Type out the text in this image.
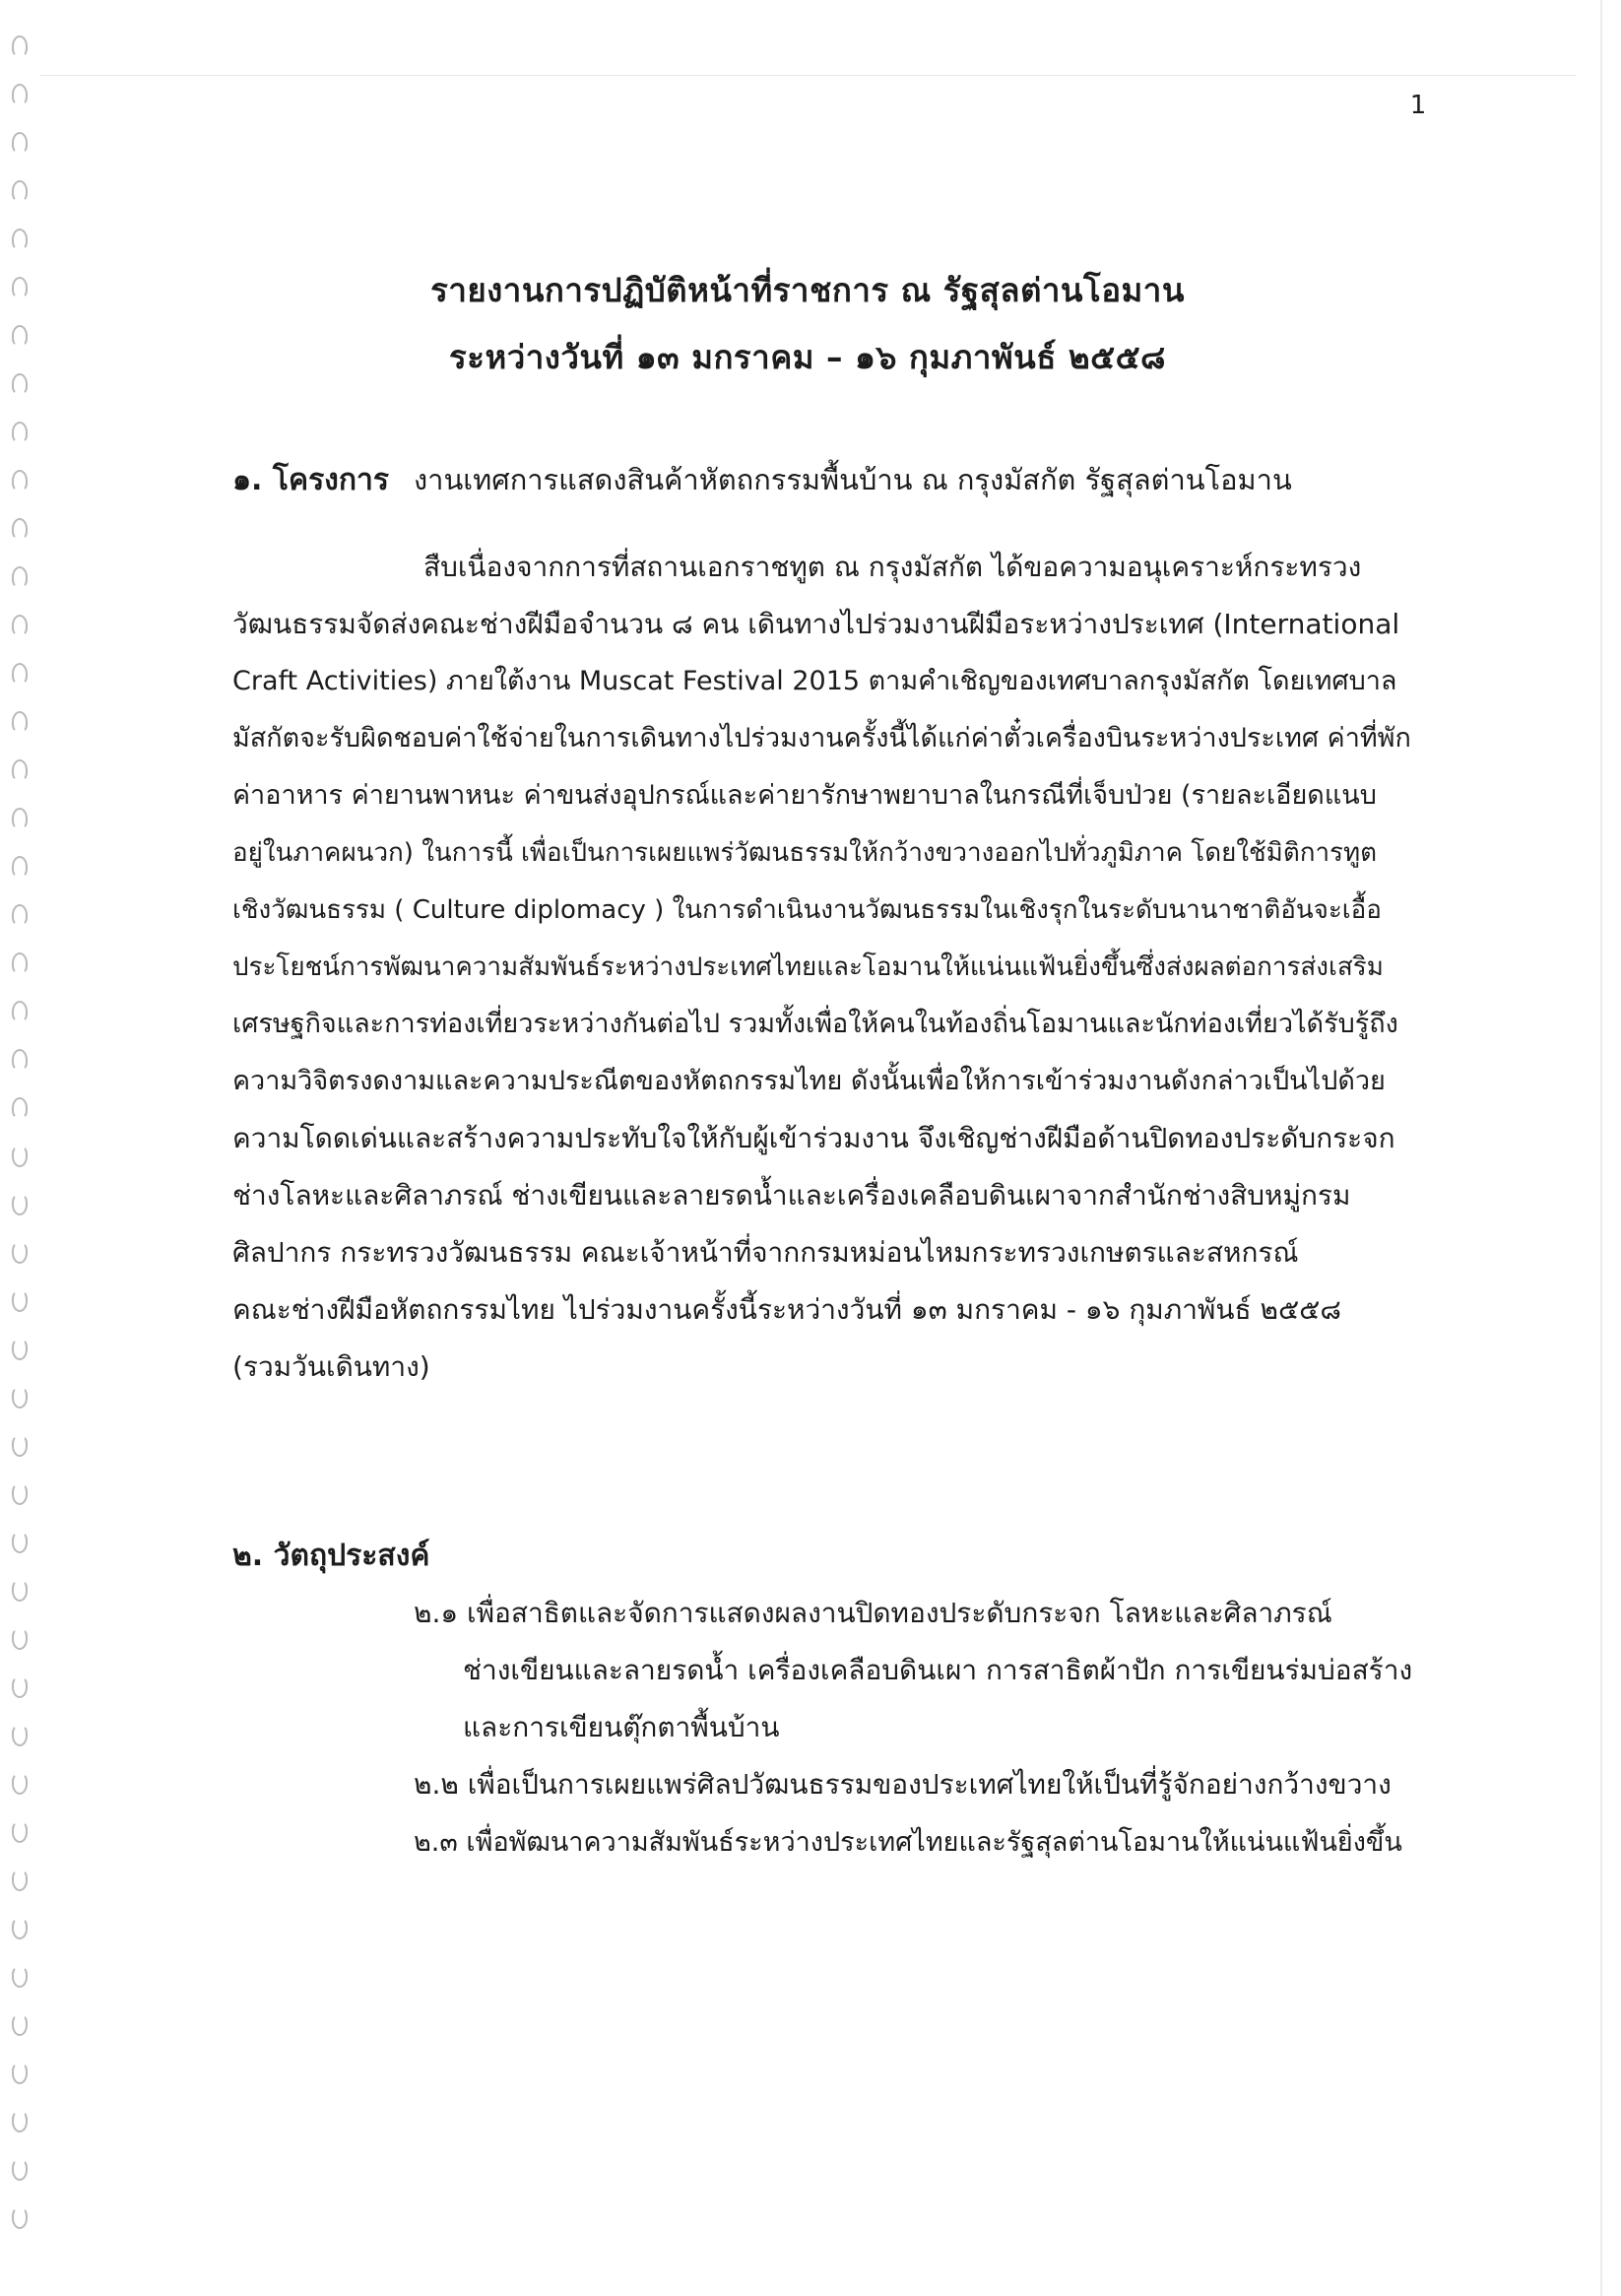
1
รายงานการปฏิบัติหน้าที่ราชการ ณ รัฐสุลต่านโอมาน
ระหว่างวันที่ ๑๓ มกราคม – ๑๖ กุมภาพันธ์ ๒๕๕๘
๑. โครงการ งานเทศการแสดงสินค้าหัตถกรรมพื้นบ้าน ณ กรุงมัสกัต รัฐสุลต่านโอมาน
สืบเนื่องจากการที่สถานเอกราชทูต ณ กรุงมัสกัต ได้ขอความอนุเคราะห์กระทรวง
วัฒนธรรมจัดส่งคณะช่างฝีมือจำนวน ๘ คน เดินทางไปร่วมงานฝีมือระหว่างประเทศ (International
Craft Activities) ภายใต้งาน Muscat Festival 2015 ตามคำเชิญของเทศบาลกรุงมัสกัต โดยเทศบาล
มัสกัตจะรับผิดชอบค่าใช้จ่ายในการเดินทางไปร่วมงานครั้งนี้ได้แก่ค่าตั๋วเครื่องบินระหว่างประเทศ ค่าที่พัก
ค่าอาหาร ค่ายานพาหนะ ค่าขนส่งอุปกรณ์และค่ายารักษาพยาบาลในกรณีที่เจ็บป่วย (รายละเอียดแนบ
อยู่ในภาคผนวก) ในการนี้ เพื่อเป็นการเผยแพร่วัฒนธรรมให้กว้างขวางออกไปทั่วภูมิภาค โดยใช้มิติการทูต
เชิงวัฒนธรรม ( Culture diplomacy ) ในการดำเนินงานวัฒนธรรมในเชิงรุกในระดับนานาชาติอันจะเอื้อ
ประโยชน์การพัฒนาความสัมพันธ์ระหว่างประเทศไทยและโอมานให้แน่นแฟ้นยิ่งขึ้นซึ่งส่งผลต่อการส่งเสริม
เศรษฐกิจและการท่องเที่ยวระหว่างกันต่อไป รวมทั้งเพื่อให้คนในท้องถิ่นโอมานและนักท่องเที่ยวได้รับรู้ถึง
ความวิจิตรงดงามและความประณีตของหัตถกรรมไทย ดังนั้นเพื่อให้การเข้าร่วมงานดังกล่าวเป็นไปด้วย
ความโดดเด่นและสร้างความประทับใจให้กับผู้เข้าร่วมงาน จึงเชิญช่างฝีมือด้านปิดทองประดับกระจก
ช่างโลหะและศิลาภรณ์ ช่างเขียนและลายรดน้ำและเครื่องเคลือบดินเผาจากสำนักช่างสิบหมู่กรม
ศิลปากร กระทรวงวัฒนธรรม คณะเจ้าหน้าที่จากกรมหม่อนไหมกระทรวงเกษตรและสหกรณ์
คณะช่างฝีมือหัตถกรรมไทย ไปร่วมงานครั้งนี้ระหว่างวันที่ ๑๓ มกราคม - ๑๖ กุมภาพันธ์ ๒๕๕๘
(รวมวันเดินทาง)
๒. วัตถุประสงค์
๒.๑ เพื่อสาธิตและจัดการแสดงผลงานปิดทองประดับกระจก โลหะและศิลาภรณ์
ช่างเขียนและลายรดน้ำ เครื่องเคลือบดินเผา การสาธิตผ้าปัก การเขียนร่มบ่อสร้าง
และการเขียนตุ๊กตาพื้นบ้าน
๒.๒ เพื่อเป็นการเผยแพร่ศิลปวัฒนธรรมของประเทศไทยให้เป็นที่รู้จักอย่างกว้างขวาง
๒.๓ เพื่อพัฒนาความสัมพันธ์ระหว่างประเทศไทยและรัฐสุลต่านโอมานให้แน่นแฟ้นยิ่งขึ้น
